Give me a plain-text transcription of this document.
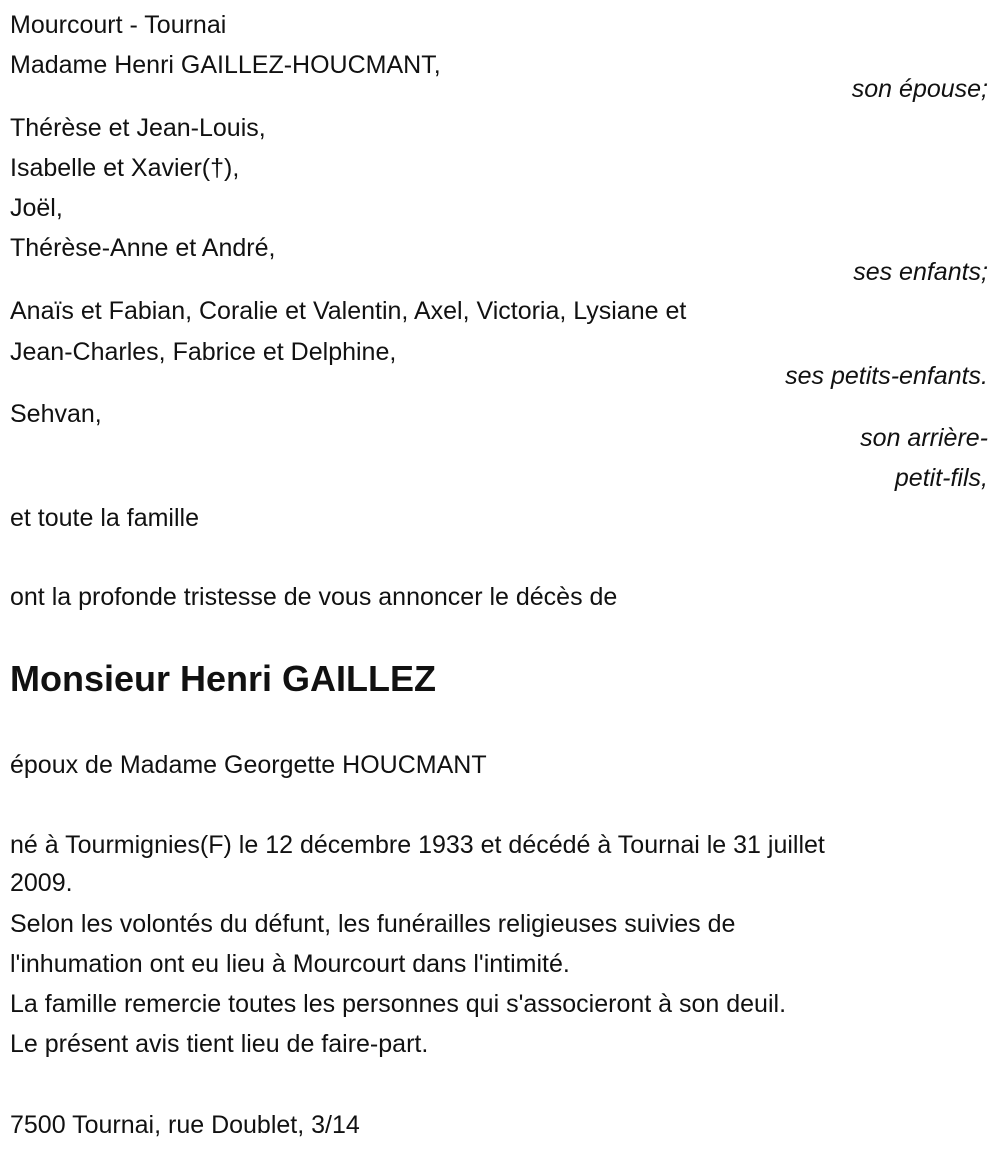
Mourcourt - Tournai
Madame Henri GAILLEZ-HOUCMANT,
son épouse;
Thérèse et Jean-Louis,
Isabelle et Xavier(†),
Joël,
Thérèse-Anne et André,
ses enfants;
Anaïs et Fabian, Coralie et Valentin, Axel, Victoria, Lysiane et
Jean-Charles, Fabrice et Delphine,
ses petits-enfants.
Sehvan,
son arrière-
petit-fils,
et toute la famille
ont la profonde tristesse de vous annoncer le décès de
Monsieur Henri GAILLEZ
époux de Madame Georgette HOUCMANT
né à Tourmignies(F) le 12 décembre 1933 et décédé à Tournai le 31 juillet
2009.
Selon les volontés du défunt, les funérailles religieuses suivies de
l'inhumation ont eu lieu à Mourcourt dans l'intimité.
La famille remercie toutes les personnes qui s'associeront à son deuil.
Le présent avis tient lieu de faire-part.
7500 Tournai, rue Doublet, 3/14
